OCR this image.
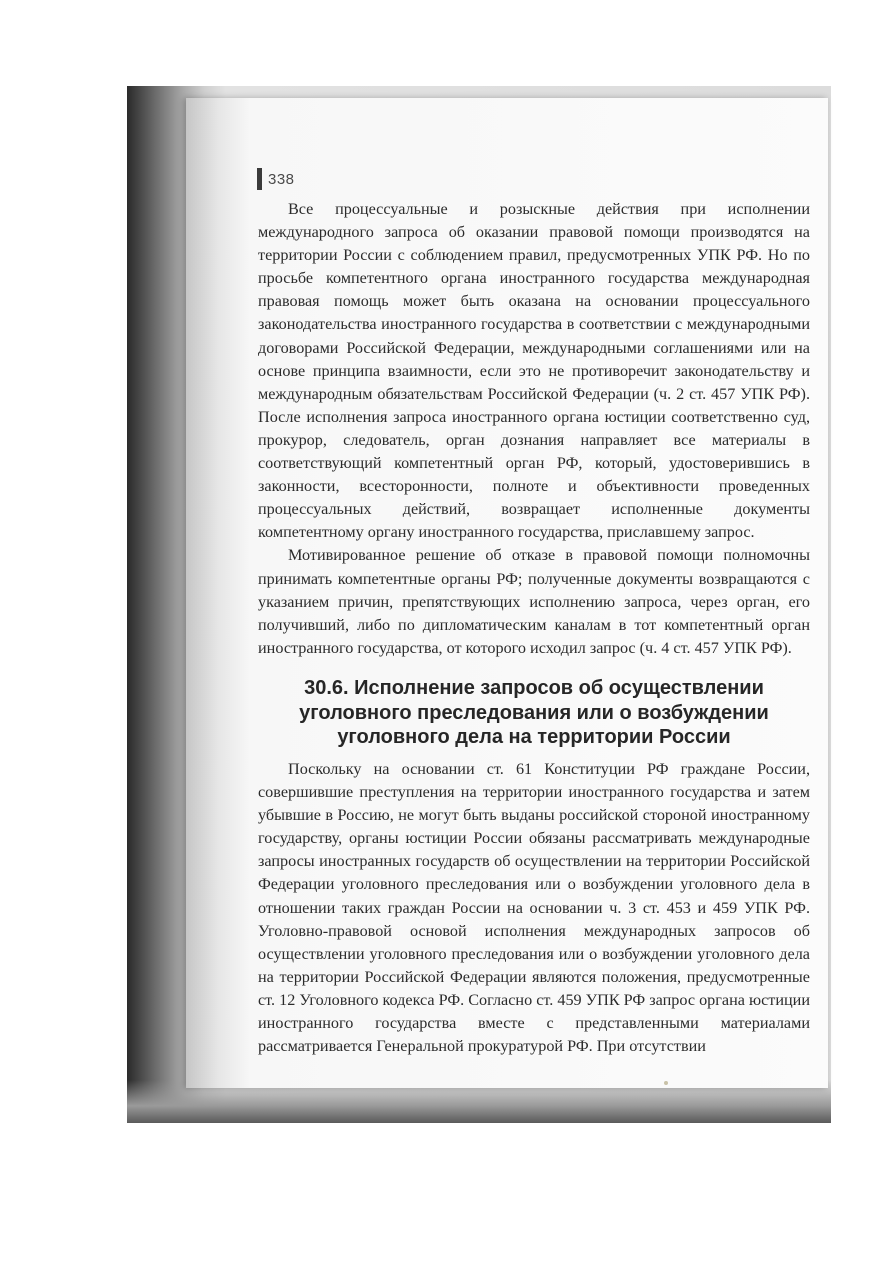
338

Все процессуальные и розыскные действия при исполнении международного запроса об оказании правовой помощи производятся на территории России с соблюдением правил, предусмотренных УПК РФ. Но по просьбе компетентного органа иностранного государства международная правовая помощь может быть оказана на основании процессуального законодательства иностранного государства в соответствии с международными договорами Российской Федерации, международными соглашениями или на основе принципа взаимности, если это не противоречит законодательству и международным обязательствам Российской Федерации (ч. 2 ст. 457 УПК РФ). После исполнения запроса иностранного органа юстиции соответственно суд, прокурор, следователь, орган дознания направляет все материалы в соответствующий компетентный орган РФ, который, удостоверившись в законности, всесторонности, полноте и объективности проведенных процессуальных действий, возвращает исполненные документы компетентному органу иностранного государства, приславшему запрос.

Мотивированное решение об отказе в правовой помощи полномочны принимать компетентные органы РФ; полученные документы возвращаются с указанием причин, препятствующих исполнению запроса, через орган, его получивший, либо по дипломатическим каналам в тот компетентный орган иностранного государства, от которого исходил запрос (ч. 4 ст. 457 УПК РФ).

30.6. Исполнение запросов об осуществлении
уголовного преследования или о возбуждении
уголовного дела на территории России

Поскольку на основании ст. 61 Конституции РФ граждане России, совершившие преступления на территории иностранного государства и затем убывшие в Россию, не могут быть выданы российской стороной иностранному государству, органы юстиции России обязаны рассматривать международные запросы иностранных государств об осуществлении на территории Российской Федерации уголовного преследования или о возбуждении уголовного дела в отношении таких граждан России на основании ч. 3 ст. 453 и 459 УПК РФ. Уголовно-правовой основой исполнения международных запросов об осуществлении уголовного преследования или о возбуждении уголовного дела на территории Российской Федерации являются положения, предусмотренные ст. 12 Уголовного кодекса РФ. Согласно ст. 459 УПК РФ запрос органа юстиции иностранного государства вместе с представленными материалами рассматривается Генеральной прокуратурой РФ. При отсутствии
